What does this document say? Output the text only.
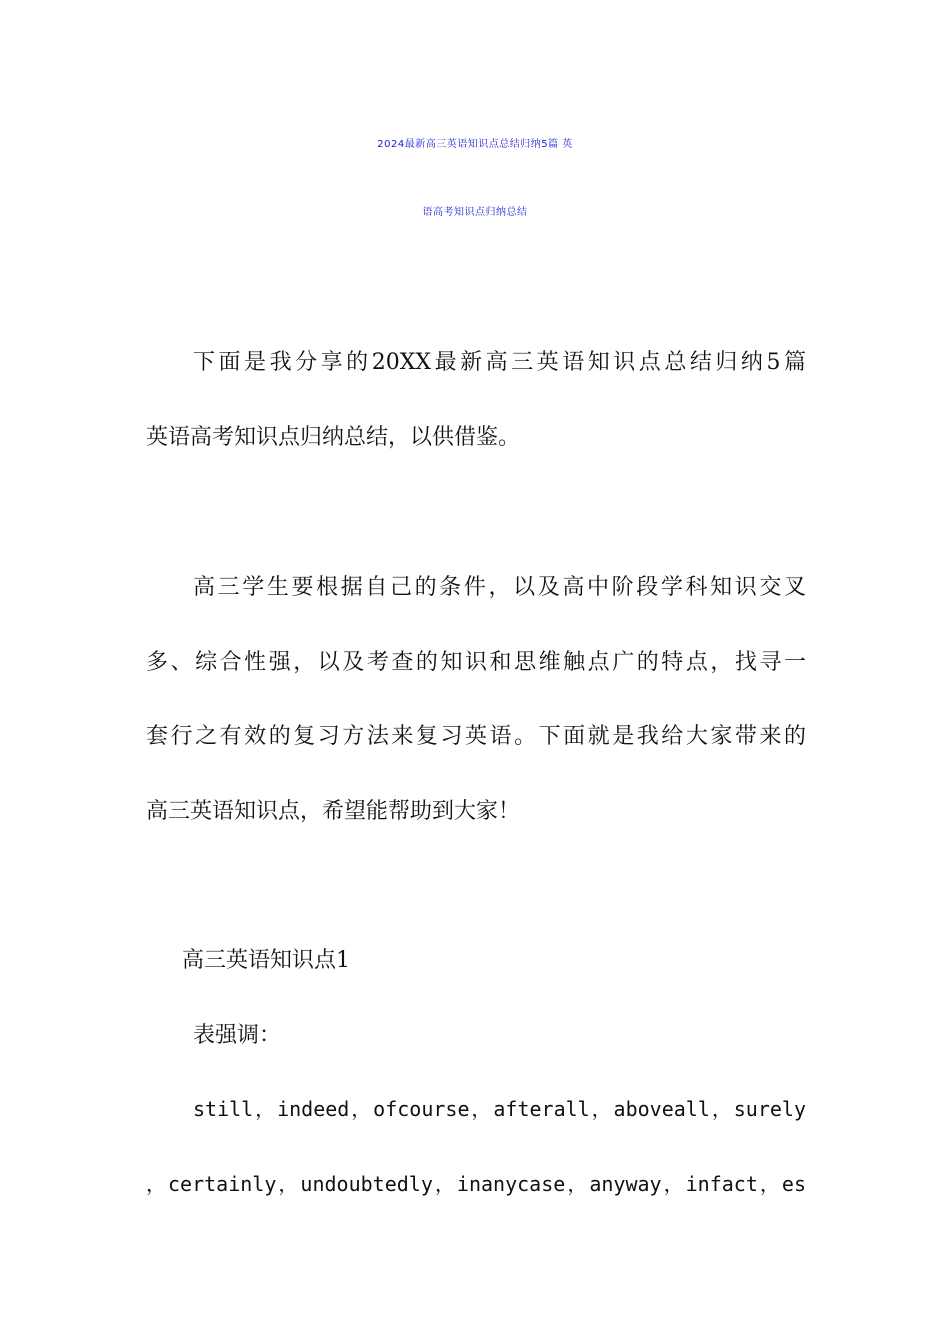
2024最新高三英语知识点总结归纳5篇 英
语高考知识点归纳总结
下面是我分享的20XX最新高三英语知识点总结归纳5篇
英语高考知识点归纳总结，以供借鉴。
高三学生要根据自己的条件，以及高中阶段学科知识交叉
多、综合性强，以及考查的知识和思维触点广的特点，找寻一
套行之有效的复习方法来复习英语。下面就是我给大家带来的
高三英语知识点，希望能帮助到大家！
高三英语知识点1
表强调：
still，indeed，ofcourse，afterall，aboveall，surely
，certainly，undoubtedly，inanycase，anyway，infact，es
